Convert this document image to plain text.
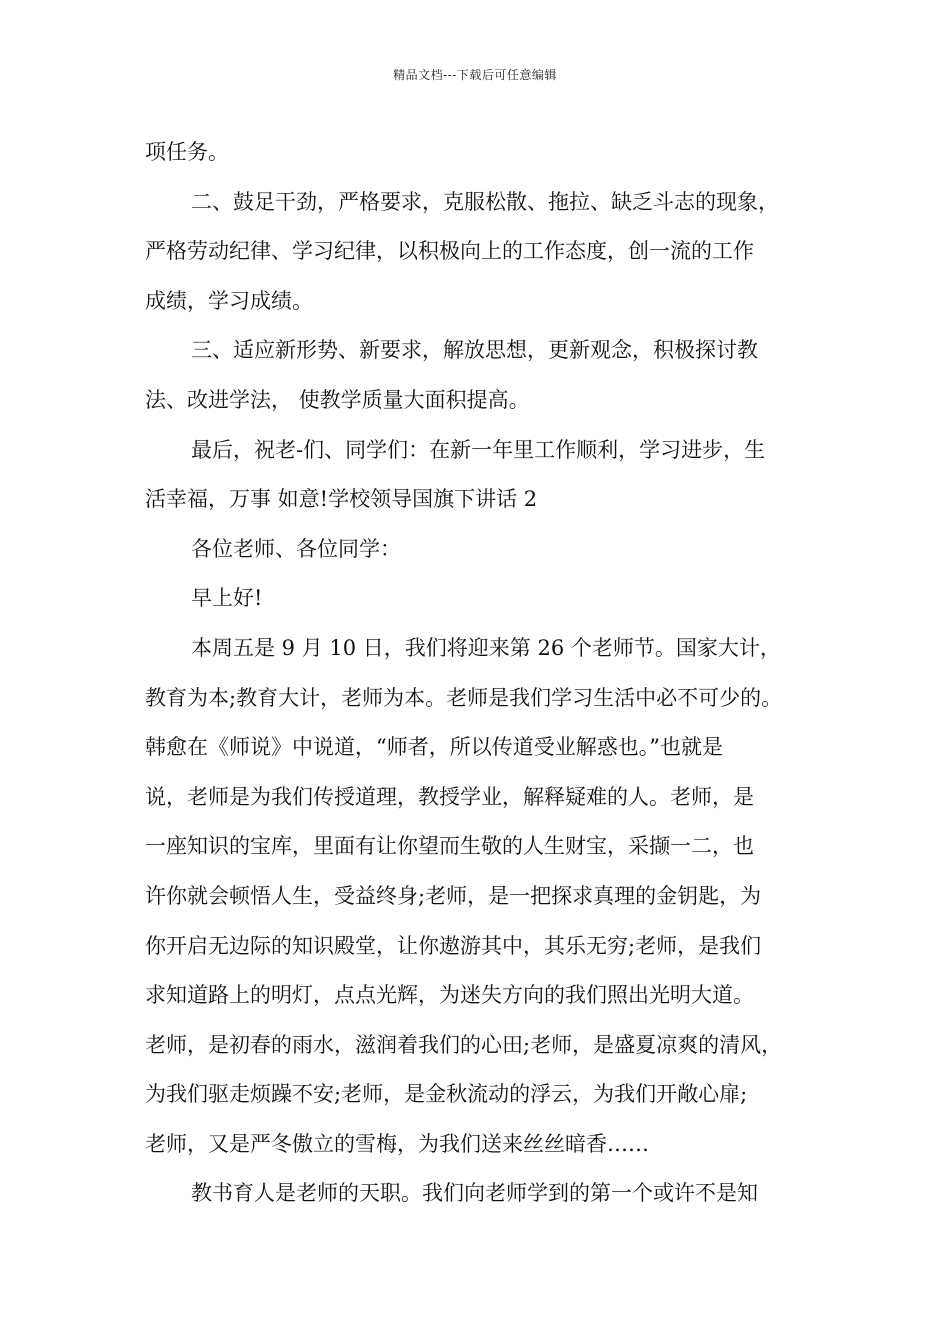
精品文档---下载后可任意编辑
项任务。
二、鼓足干劲，严格要求，克服松散、拖拉、缺乏斗志的现象，
严格劳动纪律、学习纪律，以积极向上的工作态度，创一流的工作
成绩，学习成绩。
三、适应新形势、新要求，解放思想，更新观念，积极探讨教
法、改进学法， 使教学质量大面积提高。
最后，祝老-们、同学们：在新一年里工作顺利，学习进步，生
活幸福，万事 如意!学校领导国旗下讲话 2
各位老师、各位同学：
早上好!
本周五是 9 月 10 日，我们将迎来第 26 个老师节。国家大计，
教育为本;教育大计，老师为本。老师是我们学习生活中必不可少的。
韩愈在《师说》中说道，“师者，所以传道受业解惑也。”也就是
说，老师是为我们传授道理，教授学业，解释疑难的人。老师，是
一座知识的宝库，里面有让你望而生敬的人生财宝，采撷一二，也
许你就会顿悟人生，受益终身;老师，是一把探求真理的金钥匙，为
你开启无边际的知识殿堂，让你遨游其中，其乐无穷;老师，是我们
求知道路上的明灯，点点光辉，为迷失方向的我们照出光明大道。
老师，是初春的雨水，滋润着我们的心田;老师，是盛夏凉爽的清风，
为我们驱走烦躁不安;老师，是金秋流动的浮云，为我们开敞心扉;
老师，又是严冬傲立的雪梅，为我们送来丝丝暗香……
教书育人是老师的天职。我们向老师学到的第一个或许不是知
